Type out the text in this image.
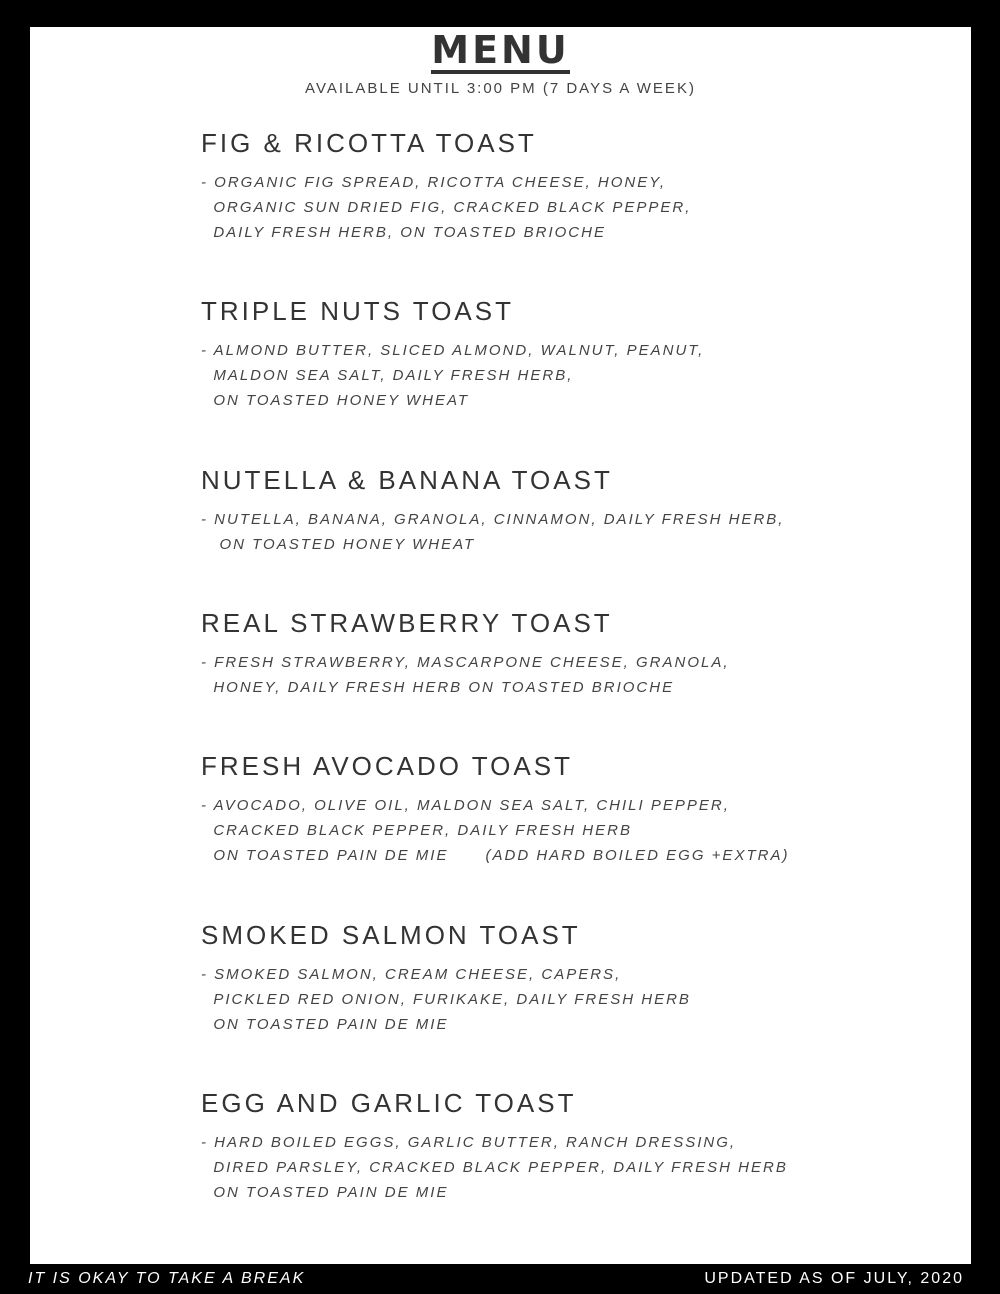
MENU
AVAILABLE UNTIL 3:00 PM (7 DAYS A WEEK)
FIG & RICOTTA TOAST
- ORGANIC FIG SPREAD, RICOTTA CHEESE, HONEY,
ORGANIC SUN DRIED FIG, CRACKED BLACK PEPPER,
DAILY FRESH HERB, ON TOASTED BRIOCHE
TRIPLE NUTS TOAST
- ALMOND BUTTER, SLICED ALMOND, WALNUT, PEANUT,
MALDON SEA SALT, DAILY FRESH HERB,
ON TOASTED HONEY WHEAT
NUTELLA & BANANA TOAST
- NUTELLA, BANANA, GRANOLA, CINNAMON, DAILY FRESH HERB,
ON TOASTED HONEY WHEAT
REAL STRAWBERRY TOAST
- FRESH STRAWBERRY, MASCARPONE CHEESE, GRANOLA,
HONEY, DAILY FRESH HERB ON TOASTED BRIOCHE
FRESH AVOCADO TOAST
- AVOCADO, OLIVE OIL, MALDON SEA SALT, CHILI PEPPER,
CRACKED BLACK PEPPER, DAILY FRESH HERB
ON TOASTED PAIN DE MIE      (ADD HARD BOILED EGG +EXTRA)
SMOKED SALMON TOAST
- SMOKED SALMON, CREAM CHEESE, CAPERS,
PICKLED RED ONION, FURIKAKE, DAILY FRESH HERB
ON TOASTED PAIN DE MIE
EGG AND GARLIC TOAST
- HARD BOILED EGGS, GARLIC BUTTER, RANCH DRESSING,
DIRED PARSLEY, CRACKED BLACK PEPPER, DAILY FRESH HERB
ON TOASTED PAIN DE MIE
IT IS OKAY TO TAKE A BREAK	UPDATED AS OF JULY, 2020
